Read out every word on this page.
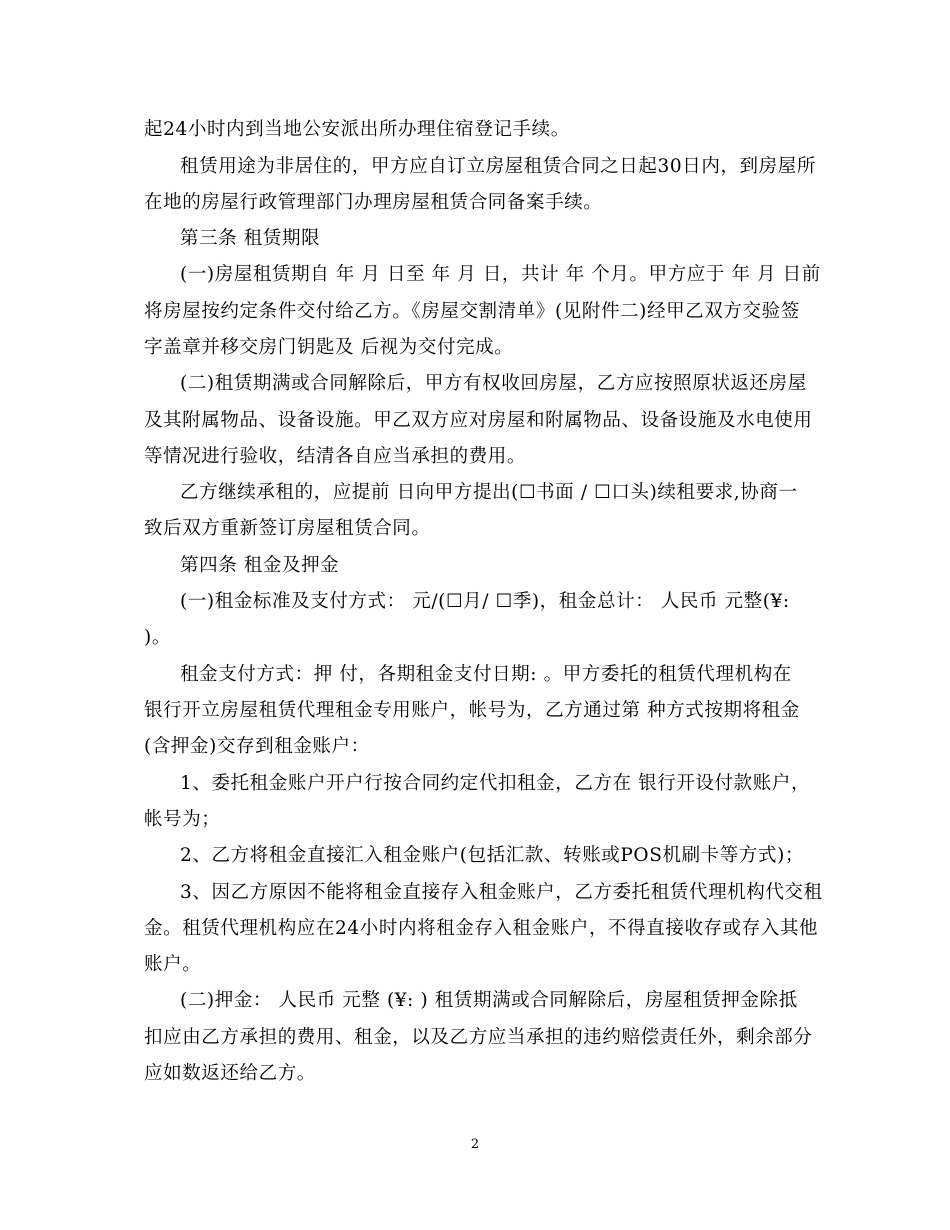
起24小时内到当地公安派出所办理住宿登记手续。
租赁用途为非居住的，甲方应自订立房屋租赁合同之日起30日内，到房屋所
在地的房屋行政管理部门办理房屋租赁合同备案手续。
第三条 租赁期限
(一)房屋租赁期自 年 月 日至 年 月 日，共计 年 个月。甲方应于 年 月 日前
将房屋按约定条件交付给乙方。《房屋交割清单》(见附件二)经甲乙双方交验签
字盖章并移交房门钥匙及 后视为交付完成。
(二)租赁期满或合同解除后，甲方有权收回房屋，乙方应按照原状返还房屋
及其附属物品、设备设施。甲乙双方应对房屋和附属物品、设备设施及水电使用
等情况进行验收，结清各自应当承担的费用。
乙方继续承租的，应提前 日向甲方提出(☐书面 / ☐口头)续租要求,协商一
致后双方重新签订房屋租赁合同。
第四条 租金及押金
(一)租金标准及支付方式： 元/(☐月/ ☐季)，租金总计： 人民币 元整(¥:
)。
租金支付方式：押 付，各期租金支付日期: 。甲方委托的租赁代理机构在
银行开立房屋租赁代理租金专用账户，帐号为，乙方通过第 种方式按期将租金
(含押金)交存到租金账户：
1、委托租金账户开户行按合同约定代扣租金，乙方在 银行开设付款账户，
帐号为；
2、乙方将租金直接汇入租金账户(包括汇款、转账或POS机刷卡等方式)；
3、因乙方原因不能将租金直接存入租金账户，乙方委托租赁代理机构代交租
金。租赁代理机构应在24小时内将租金存入租金账户，不得直接收存或存入其他
账户。
(二)押金： 人民币 元整 (¥: ) 租赁期满或合同解除后，房屋租赁押金除抵
扣应由乙方承担的费用、租金，以及乙方应当承担的违约赔偿责任外，剩余部分
应如数返还给乙方。
2
